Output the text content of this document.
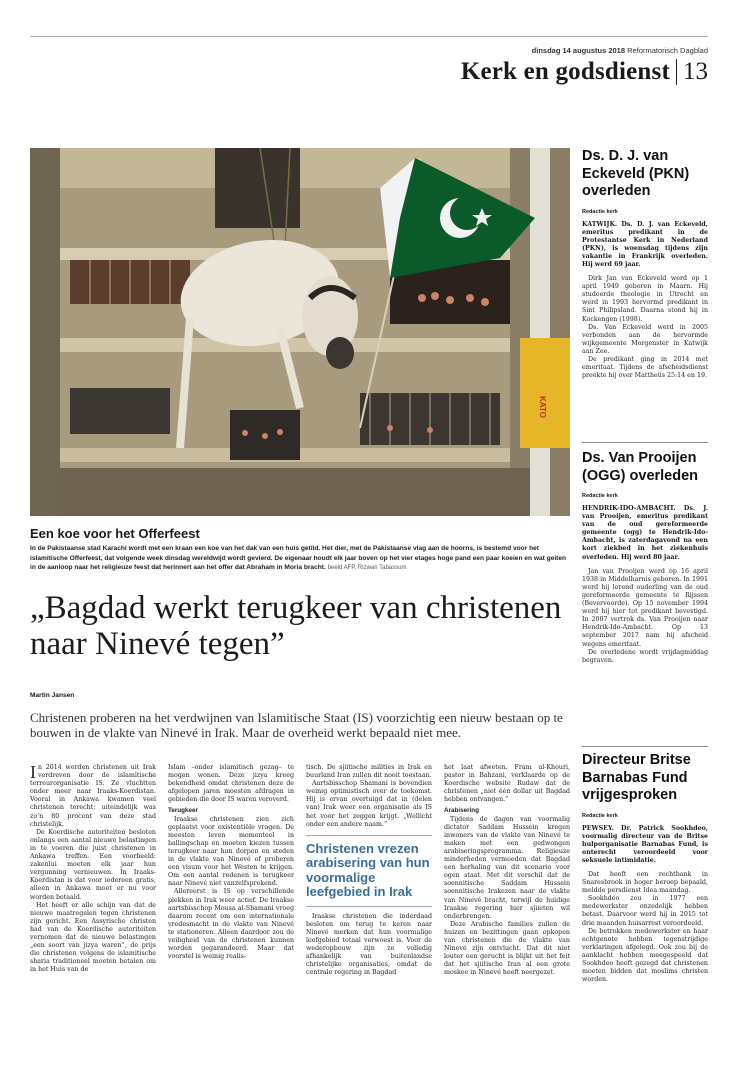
dinsdag 14 augustus 2018 Reformatorisch Dagblad
Kerk en godsdienst 13
KATO
Een koe voor het Offerfeest
In de Pakistaanse stad Karachi wordt met een kraan een koe van het dak van een huis getild. Het dier, met de Pakistaanse vlag aan de hoorns, is bestemd voor het islamitische Offerfeest, dat volgende week dinsdag wereldwijd wordt gevierd. De eigenaar houdt elk jaar boven op het vier etages hoge pand een paar koeien en wat geiten in de aanloop naar het religieuze feest dat herinnert aan het offer dat Abraham in Moria bracht. beeld AFP, Rizwan Tabassum
„Bagdad werkt terugkeer van christenen naar Ninevé tegen”
Martin Jansen
Christenen proberen na het verdwijnen van Islamitische Staat (IS) voorzichtig een nieuw bestaan op te bouwen in de vlakte van Ninevé in Irak. Maar de overheid werkt bepaald niet mee.

In 2014 werden christenen uit Irak verdreven door de islamitische terreurorganisatie IS. Ze vluchtten onder meer naar Iraaks-Koerdistan. Vooral in Ankawa kwamen veel christenen terecht; uiteindelijk was zo’n 80 procent van deze stad christelijk.

De Koerdische autoriteiten besloten onlangs een aantal nieuwe belastingen in te voeren die juist christenen in Ankawa treffen. Een voorbeeld: zakenlui moeten elk jaar hun vergunning vernieuwen. In Iraaks-Koerdistan is dat voor iedereen gratis, alleen in Ankawa moet er nu voor worden betaald.

Het heeft er alle schijn van dat de nieuwe maatregelen tegen christenen zijn gericht. Een Assyrische christen had van de Koerdische autoriteiten vernomen dat de nieuwe belastingen „een soort van jizya waren”, de prijs die christenen volgens de islamitische sharia traditioneel moeten betalen om in het Huis van de

Islam –onder islamitisch gezag– te mogen wonen. Deze jizya kreeg bekendheid omdat christenen deze de afgelopen jaren moesten afdragen in gebieden die door IS waren veroverd.

Terugkeer

Iraakse christenen zien zich geplaatst voor existentiële vragen. De meesten leven momenteel in ballingschap en moeten kiezen tussen terugkeer naar hun dorpen en steden in de vlakte van Ninevé of proberen een visum voor het Westen te krijgen. Om een aantal redenen is terugkeer naar Ninevé niet vanzelfsprekend.

Allereerst is IS op verschillende plekken in Irak weer actief. De Iraakse aartsbisschop Mousa al-Shamani vroeg daarom recent om een internationale vredesmacht in de vlakte van Ninevé te stationeren. Alleen daardoor zou de veiligheid van de christenen kunnen worden gegarandeerd. Maar dat voorstel is weinig realis-

tisch. De sjiitische milities in Irak en buurland Iran zullen dit nooit toestaan.

Aartsbisschop Shamani is bovendien weinig optimistisch over de toekomst. Hij is ervan overtuigd dat in (delen van) Irak weer een organisatie als IS het voor het zeggen krijgt. „Wellicht onder een andere naam.”

Christenen vrezen arabisering van hun voormalige leefgebied in Irak

Iraakse christenen die inderdaad besloten om terug te keren naar Ninevé merken dat hun voormalige leefgebied totaal verwoest is. Voor de wederopbouw zijn ze volledig afhankelijk van buitenlandse christelijke organisaties, omdat de centrale regering in Bagdad

het laat afweten. Fram al-Khouri, pastor in Bahzani, verklaarde op de Koerdische website Rudaw dat de christenen „niet één dollar uit Bagdad hebben ontvangen.”

Arabisering

Tijdens de dagen van voormalig dictator Saddam Hussein kregen inwoners van de vlakte van Ninevé te maken met een gedwongen arabiseringsprogramma. Religieuze minderheden vermoeden dat Bagdad een herhaling van dit scenario voor ogen staat. Met dit verschil dat de soennitische Saddam Hussein soennitische Irakezen naar de vlakte van Ninevé bracht, terwijl de huidige Iraakse regering hier sjiieten wil onderbrengen.

Deze Arabische families zullen de huizen en bezittingen gaan opkopen van christenen die de vlakte van Ninevé zijn ontvlucht. Dat dit niet louter een gerucht is blijkt uit het feit dat het sjiitische Iran al een grote moskee in Ninevé heeft neergezet.

Ds. D. J. van Eckeveld (PKN) overleden
Redactie kerk
KATWIJK. Ds. D. J. van Eckeveld, emeritus predikant in de Protestantse Kerk in Nederland (PKN), is woensdag tijdens zijn vakantie in Frankrijk overleden. Hij werd 69 jaar.

Dirk Jan van Eckeveld werd op 1 april 1949 geboren in Maarn. Hij studeerde theologie in Utrecht en werd in 1993 hervormd predikant in Sint Philipsland. Daarna stond hij in Kockengen (1998).

Ds. Van Eckeveld werd in 2005 verbonden aan de hervormde wijkgemeente Morgenster in Katwijk aan Zee.

De predikant ging in 2014 met emeritaat. Tijdens de afscheidsdienst preekte hij over Mattheüs 25:14 en 19.

Ds. Van Prooijen (OGG) overleden
Redactie kerk
HENDRIK-IDO-AMBACHT. Ds. J. van Prooijen, emeritus predikant van de oud gereformeerde gemeente (ogg) te Hendrik-Ido-Ambacht, is zaterdagavond na een kort ziekbed in het ziekenhuis overleden. Hij werd 80 jaar.

Jan van Prooijen werd op 16 april 1938 in Middelharnis geboren. In 1991 werd hij lerend ouderling van de oud gereformeerde gemeente te Rijssen (Bevervoorde). Op 15 november 1994 werd hij hier tot predikant bevestigd. In 2007 vertrok ds. Van Prooijen naar Hendrik-Ido-Ambacht. Op 13 september 2017 nam hij afscheid wegens emeritaat.

De overledene wordt vrijdagmiddag begraven.

Directeur Britse Barnabas Fund vrijgesproken
Redactie kerk
PEWSEY. Dr. Patrick Sookhdeo, voormalig directeur van de Britse hulporganisatie Barnabas Fund, is onterecht veroordeeld voor seksuele intimidatie.

Dat heeft een rechtbank in Snaresbrook in hoger beroep bepaald, meldde persdienst Idea maandag.

Sookhdeo zou in 1977 een medewerkster onzedelijk hebben betast. Daarvoor werd hij in 2015 tot drie maanden huisarrest veroordeeld.

De betrokken medewerkster en haar echtgenote hebben tegenstrijdige verklaringen afgelegd. Ook zou bij de aanklacht hebben meegespeeld dat Sookhdeo heeft gezegd dat christenen moeten bidden dat moslims christen worden.
